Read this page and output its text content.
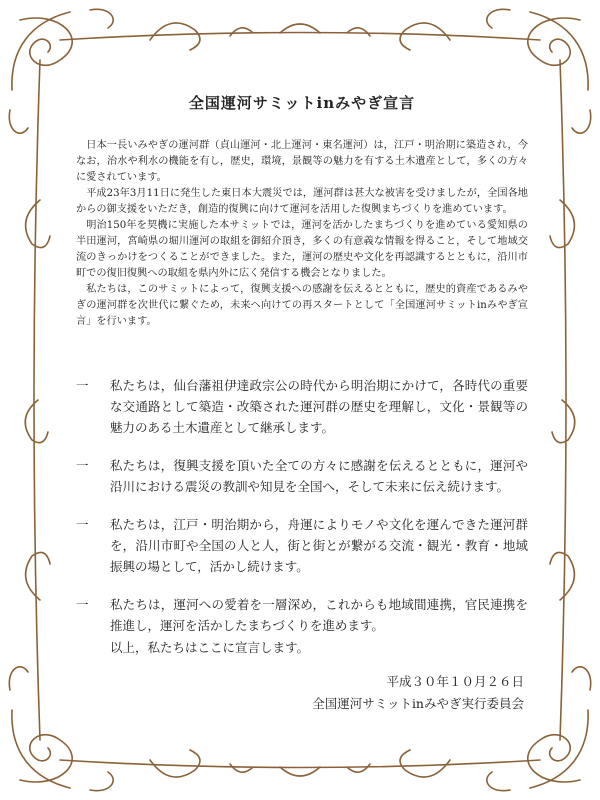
全国運河サミットinみやぎ宣言

日本一長いみやぎの運河群（貞山運河・北上運河・東名運河）は，江戸・明治期に築造され，今なお，治水や利水の機能を有し，歴史，環境，景観等の魅力を有する土木遺産として，多くの方々に愛されています。

平成23年3月11日に発生した東日本大震災では，運河群は甚大な被害を受けましたが，全国各地からの御支援をいただき，創造的復興に向けて運河を活用した復興まちづくりを進めています。

明治150年を契機に実施した本サミットでは，運河を活かしたまちづくりを進めている愛知県の半田運河，宮崎県の堀川運河の取組を御紹介頂き，多くの有意義な情報を得ること，そして地域交流のきっかけをつくることができました。また，運河の歴史や文化を再認識するとともに，沿川市町での復旧復興への取組を県内外に広く発信する機会となりました。

私たちは，このサミットによって，復興支援への感謝を伝えるとともに，歴史的資産であるみやぎの運河群を次世代に繋ぐため，未来へ向けての再スタートとして「全国運河サミットinみやぎ宣言」を行います。

一	私たちは，仙台藩祖伊達政宗公の時代から明治期にかけて，各時代の重要な交通路として築造・改築された運河群の歴史を理解し，文化・景観等の魅力のある土木遺産として継承します。
一	私たちは，復興支援を頂いた全ての方々に感謝を伝えるとともに，運河や沿川における震災の教訓や知見を全国へ，そして未来に伝え続けます。
一	私たちは，江戸・明治期から，舟運によりモノや文化を運んできた運河群を，沿川市町や全国の人と人，街と街とが繋がる交流・観光・教育・地域振興の場として，活かし続けます。
一	私たちは，運河への愛着を一層深め，これからも地域間連携，官民連携を推進し，運河を活かしたまちづくりを進めます。

以上，私たちはここに宣言します。

平成３０年１０月２６日

全国運河サミットinみやぎ実行委員会
